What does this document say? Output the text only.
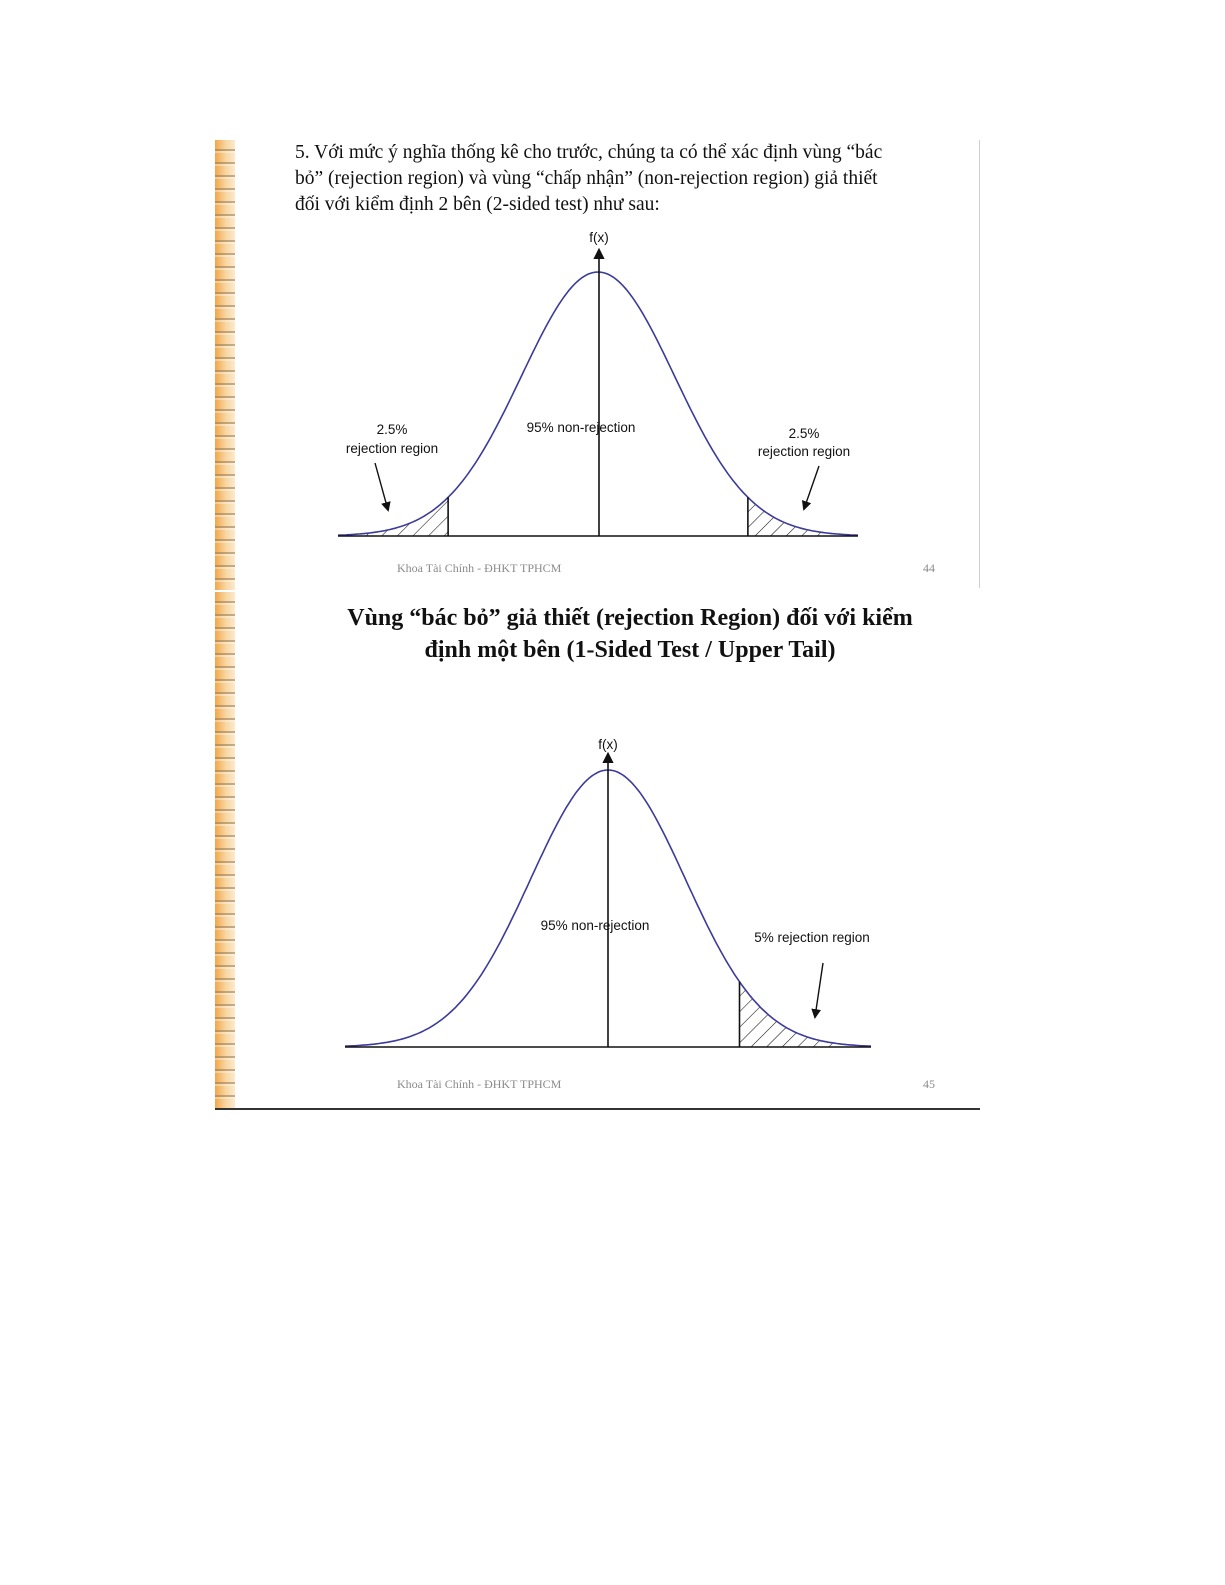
5. Với mức ý nghĩa thống kê cho trước, chúng ta có thể xác định vùng “bác
bỏ” (rejection region) và vùng “chấp nhận” (non-rejection region) giả thiết
đối với kiểm định 2 bên (2-sided test) như sau:

f(x)
95% non-rejection
2.5%
rejection region
2.5%
rejection region
Khoa Tài Chính - ĐHKT TPHCM	44
Vùng “bác bỏ” giả thiết (rejection Region) đối với kiểm
định một bên (1-Sided Test / Upper Tail)
f(x)
95% non-rejection
5% rejection region
Khoa Tài Chính - ĐHKT TPHCM	45
